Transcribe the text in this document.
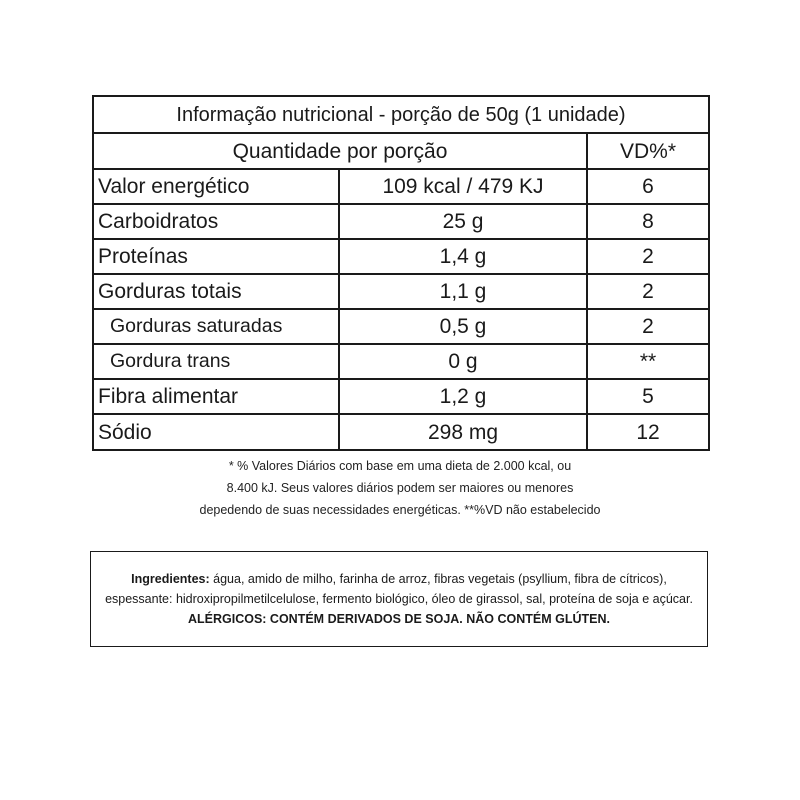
Informação nutricional - porção de 50g (1 unidade)		
Quantidade por porção		VD%*
Valor energético	109 kcal / 479 KJ	6
Carboidratos	25 g	8
Proteínas	1,4 g	2
Gorduras totais	1,1 g	2
Gorduras saturadas	0,5 g	2
Gordura trans	0 g	**
Fibra alimentar	1,2 g	5
Sódio	298 mg	12
* % Valores Diários com base em uma dieta de 2.000 kcal, ou
8.400 kJ. Seus valores diários podem ser maiores ou menores
depedendo de suas necessidades energéticas. **%VD não estabelecido
Ingredientes: água, amido de milho, farinha de arroz, fibras vegetais (psyllium, fibra de cítricos), espessante: hidroxipropilmetilcelulose, fermento biológico, óleo de girassol, sal, proteína de soja e açúcar. ALÉRGICOS: CONTÉM DERIVADOS DE SOJA. NÃO CONTÉM GLÚTEN.
